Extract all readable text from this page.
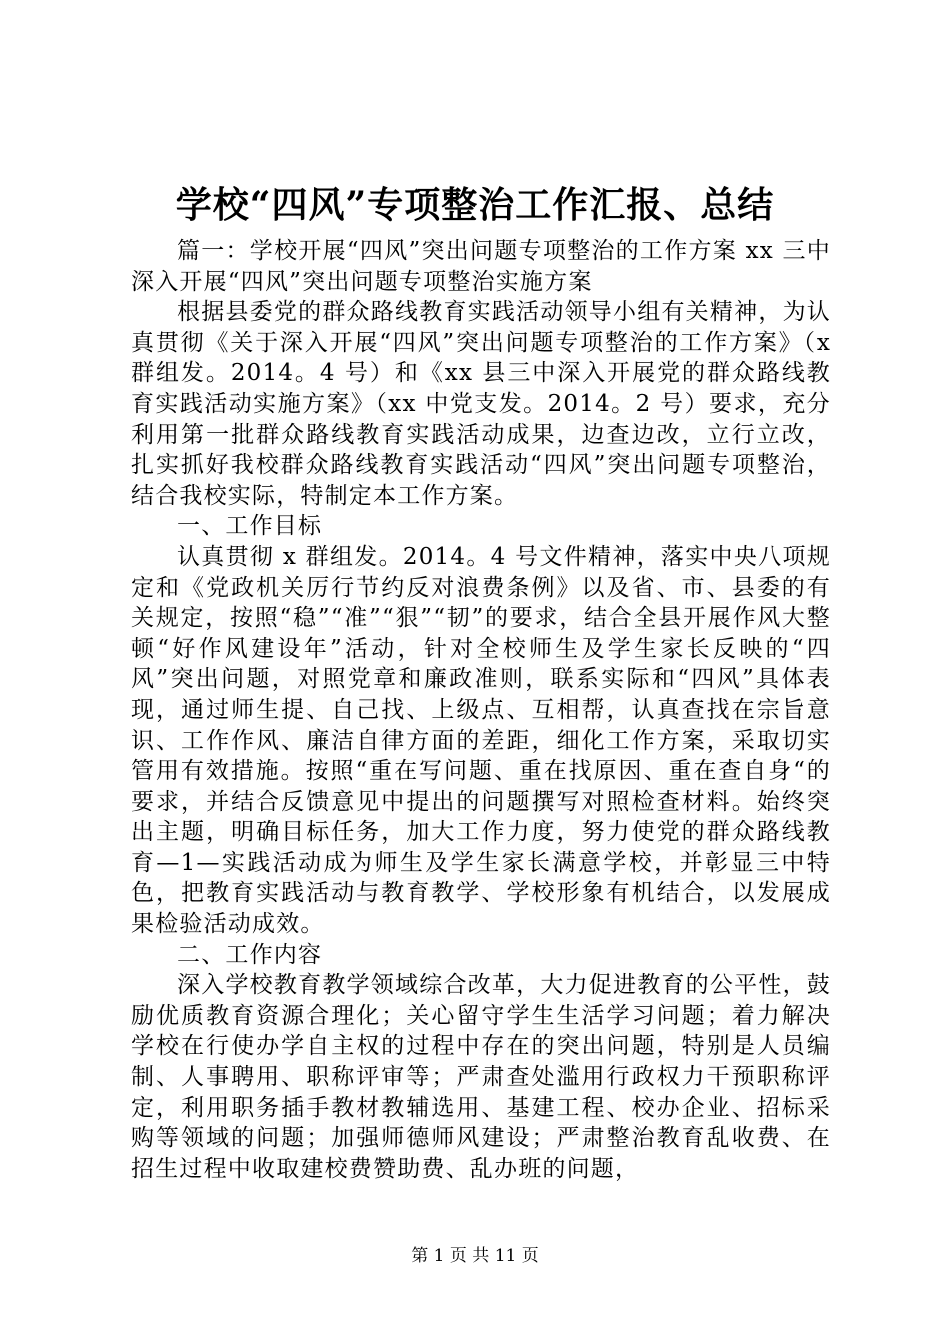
学校“四风”专项整治工作汇报、总结

篇一：学校开展“四风”突出问题专项整治的工作方案 xx 三中深入开展“四风”突出问题专项整治实施方案

根据县委党的群众路线教育实践活动领导小组有关精神，为认真贯彻《关于深入开展“四风”突出问题专项整治的工作方案》（x 群组发。2014。4 号）和《xx 县三中深入开展党的群众路线教育实践活动实施方案》（xx 中党支发。2014。2 号）要求，充分利用第一批群众路线教育实践活动成果，边查边改，立行立改，扎实抓好我校群众路线教育实践活动“四风”突出问题专项整治，结合我校实际，特制定本工作方案。

一、工作目标

认真贯彻 x 群组发。2014。4 号文件精神，落实中央八项规定和《党政机关厉行节约反对浪费条例》以及省、市、县委的有关规定，按照“稳”“准”“狠”“韧”的要求，结合全县开展作风大整顿“好作风建设年”活动，针对全校师生及学生家长反映的“四风”突出问题，对照党章和廉政准则，联系实际和“四风”具体表现，通过师生提、自己找、上级点、互相帮，认真查找在宗旨意识、工作作风、廉洁自律方面的差距，细化工作方案，采取切实管用有效措施。按照“重在写问题、重在找原因、重在查自身“的要求，并结合反馈意见中提出的问题撰写对照检查材料。始终突出主题，明确目标任务，加大工作力度，努力使党的群众路线教育—1—实践活动成为师生及学生家长满意学校，并彰显三中特色，把教育实践活动与教育教学、学校形象有机结合，以发展成果检验活动成效。

二、工作内容

深入学校教育教学领域综合改革，大力促进教育的公平性，鼓励优质教育资源合理化；关心留守学生生活学习问题；着力解决学校在行使办学自主权的过程中存在的突出问题，特别是人员编制、人事聘用、职称评审等；严肃查处滥用行政权力干预职称评定，利用职务插手教材教辅选用、基建工程、校办企业、招标采购等领域的问题；加强师德师风建设；严肃整治教育乱收费、在招生过程中收取建校费赞助费、乱办班的问题，

第 1 页 共 11 页
